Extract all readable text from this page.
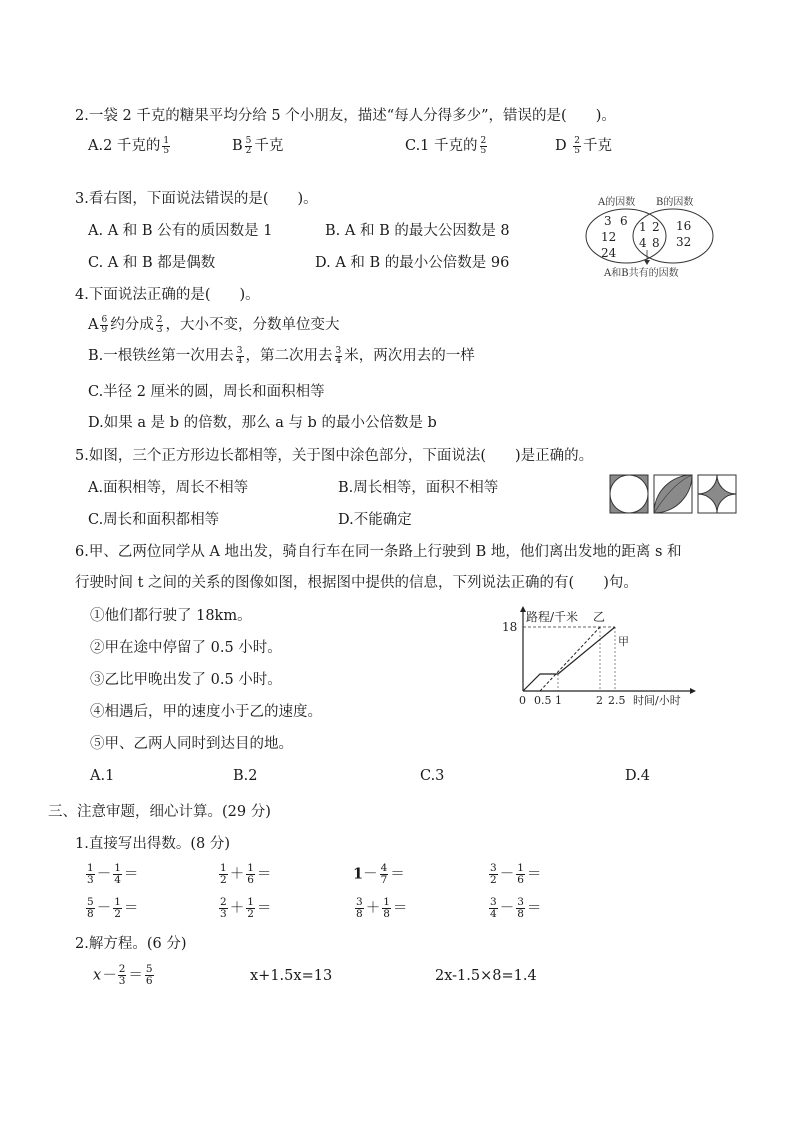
2.一袋 2 千克的糖果平均分给 5 个小朋友，描述“每人分得多少”，错误的是(　　)。
A.2 千克的 $\frac{1}{5}$	B $\frac{5}{2}$ 千克	C.1 千克的 $\frac{2}{5}$	D $\frac{2}{5}$ 千克
3.看右图，下面说法错误的是(　　)。
A. A 和 B 公有的质因数是 1	B. A 和 B 的最大公因数是 8
C. A 和 B 都是偶数	D. A 和 B 的最小公倍数是 96
A的因数 B的因数
3 6
12
24
1 2
4 8
16
32
A和B共有的因数
4.下面说法正确的是(　　)。
A $\frac{6}{9}$ 约分成 $\frac{2}{3}$ ，大小不变，分数单位变大
B.一根铁丝第一次用去 $\frac{3}{4}$ ，第二次用去 $\frac{3}{4}$ 米，两次用去的一样
C.半径 2 厘米的圆，周长和面积相等
D.如果 a 是 b 的倍数，那么 a 与 b 的最小公倍数是 b
5.如图，三个正方形边长都相等，关于图中涂色部分，下面说法(　　)是正确的。
A.面积相等，周长不相等	B.周长相等，面积不相等
C.周长和面积都相等	D.不能确定
6.甲、乙两位同学从 A 地出发，骑自行车在同一条路上行驶到 B 地，他们离出发地的距离 s 和
行驶时间 t 之间的关系的图像如图，根据图中提供的信息，下列说法正确的有(　　)句。
①他们都行驶了 18km。
②甲在途中停留了 0.5 小时。
③乙比甲晚出发了 0.5 小时。
④相遇后，甲的速度小于乙的速度。
⑤甲、乙两人同时到达目的地。
A.1	B.2	C.3	D.4
18
路程/千米 乙
甲
0 0.5 1	2 2.5 时间/小时
三、注意审题，细心计算。(29 分)
1.直接写出得数。(8 分)
$\frac{1}{3} - \frac{1}{4}$ ＝	$\frac{1}{2} + \frac{1}{6}$ ＝	$1- \frac{4}{7}$ ＝	$\frac{3}{2} - \frac{1}{6}$ ＝
$\frac{5}{8} - \frac{1}{2}$ ＝	$\frac{2}{3} + \frac{1}{2}$ ＝	$\frac{3}{8} + \frac{1}{8}$ ＝	$\frac{3}{4} - \frac{3}{8}$ ＝
2.解方程。(6 分)
$x- \frac{2}{3} = \frac{5}{6}$	x+1.5x=13	2x-1.5×8=1.4
